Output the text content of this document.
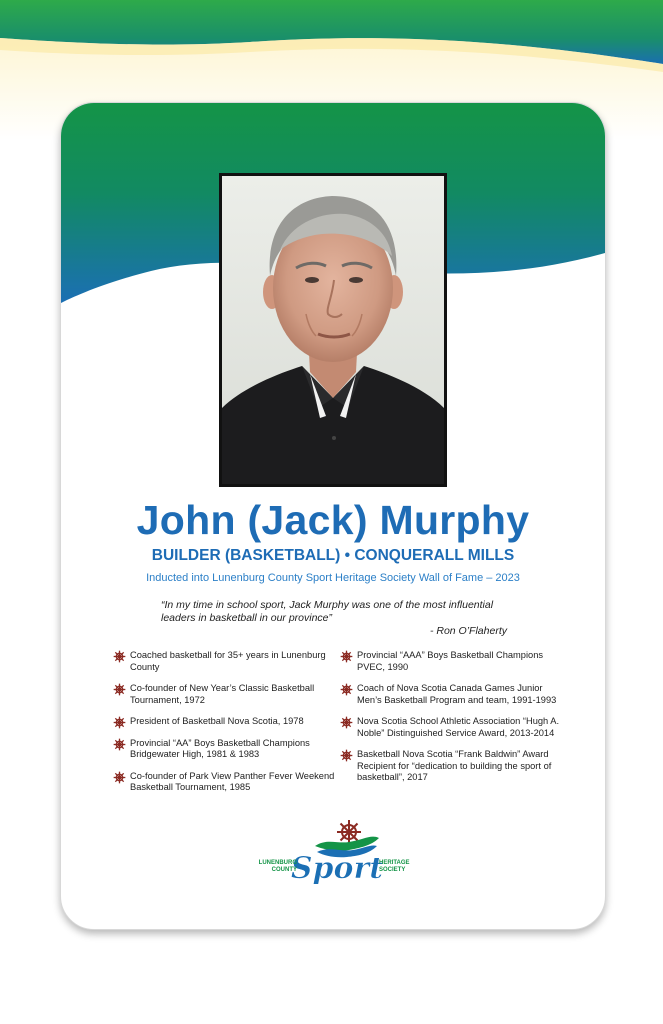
John (Jack) Murphy
BUILDER (BASKETBALL) • CONQUERALL MILLS
Inducted into Lunenburg County Sport Heritage Society Wall of Fame – 2023
“In my time in school sport, Jack Murphy was one of the most influential leaders in basketball in our province”
- Ron O’Flaherty
Coached basketball for 35+ years in Lunenburg County
Co-founder of New Year’s Classic Basketball Tournament, 1972
President of Basketball Nova Scotia, 1978
Provincial “AA” Boys Basketball Champions Bridgewater High, 1981 & 1983
Co-founder of Park View Panther Fever Weekend Basketball Tournament, 1985
Provincial “AAA” Boys Basketball Champions PVEC, 1990
Coach of Nova Scotia Canada Games Junior Men’s Basketball Program and team, 1991-1993
Nova Scotia School Athletic Association “Hugh A. Noble” Distinguished Service Award, 2013-2014
Basketball Nova Scotia “Frank Baldwin” Award Recipient for “dedication to building the sport of basketball”, 2017
Sport
LUNENBURG
COUNTY
HERITAGE
SOCIETY
